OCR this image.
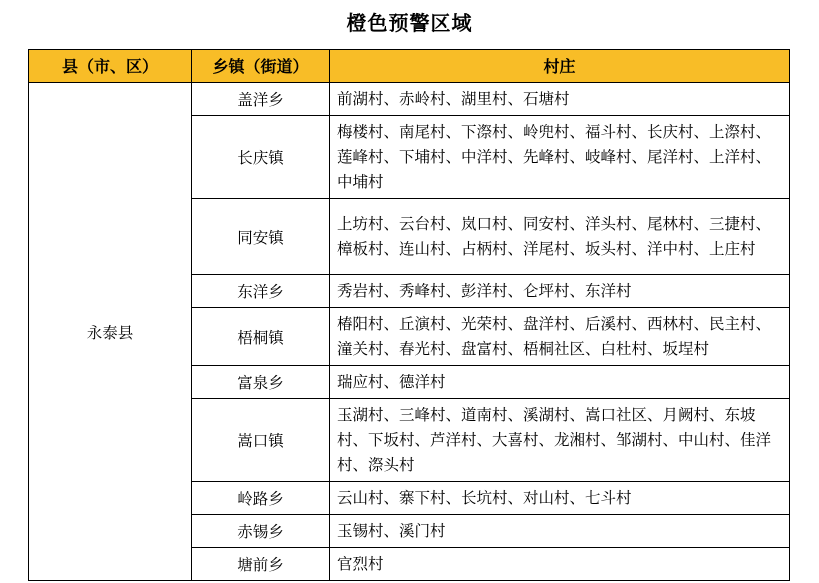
橙色预警区域
县（市、区）	乡镇（街道）	村庄
永泰县	盖洋乡	前湖村、赤岭村、湖里村、石塘村
	长庆镇	梅楼村、南尾村、下漈村、岭兜村、福斗村、长庆村、上漈村、莲峰村、下埔村、中洋村、先峰村、岐峰村、尾洋村、上洋村、中埔村
	同安镇	上坊村、云台村、岚口村、同安村、洋头村、尾林村、三捷村、樟板村、连山村、占柄村、洋尾村、坂头村、洋中村、上庄村
	东洋乡	秀岩村、秀峰村、彭洋村、仑坪村、东洋村
	梧桐镇	椿阳村、丘演村、光荣村、盘洋村、后溪村、西林村、民主村、潼关村、春光村、盘富村、梧桐社区、白杜村、坂埕村
	富泉乡	瑞应村、德洋村
	嵩口镇	玉湖村、三峰村、道南村、溪湖村、嵩口社区、月阙村、东坡村、下坂村、芦洋村、大喜村、龙湘村、邹湖村、中山村、佳洋村、漈头村
	岭路乡	云山村、寨下村、长坑村、对山村、七斗村
	赤锡乡	玉锡村、溪门村
	塘前乡	官烈村
